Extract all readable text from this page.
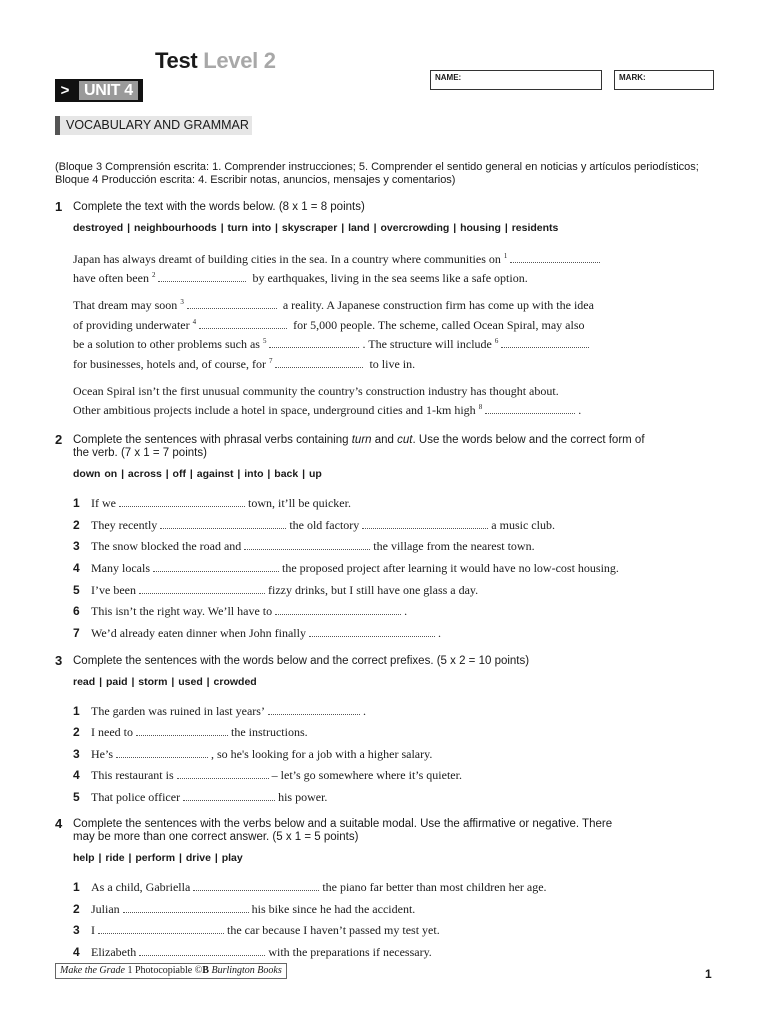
Test Level 2
> UNIT 4
NAME:	MARK:
VOCABULARY AND GRAMMAR
(Bloque 3 Comprensión escrita: 1. Comprender instrucciones; 5. Comprender el sentido general en noticias y artículos periodísticos; Bloque 4 Producción escrita: 4. Escribir notas, anuncios, mensajes y comentarios)
1 Complete the text with the words below. (8 x 1 = 8 points)
destroyed | neighbourhoods | turn into | skyscraper | land | overcrowding | housing | residents
Japan has always dreamt of building cities in the sea. In a country where communities on $^1$
have often been $^2$	by earthquakes, living in the sea seems like a safe option.
That dream may soon $^3$	a reality. A Japanese construction firm has come up with the idea
of providing underwater $^4$	for 5,000 people. The scheme, called Ocean Spiral, may also
be a solution to other problems such as $^5$	. The structure will include $^6$
for businesses, hotels and, of course, for $^7$	to live in.
Ocean Spiral isn’t the first unusual community the country’s construction industry has thought about.
Other ambitious projects include a hotel in space, underground cities and 1-km high $^8$	.
2 Complete the sentences with phrasal verbs containing turn and cut. Use the words below and the correct form of the verb. (7 x 1 = 7 points)
down on | across | off | against | into | back | up
1 If we	town, it’ll be quicker.
2 They recently	the old factory	a music club.
3 The snow blocked the road and	the village from the nearest town.
4 Many locals	the proposed project after learning it would have no low-cost housing.
5 I’ve been	fizzy drinks, but I still have one glass a day.
6 This isn’t the right way. We’ll have to	.
7 We’d already eaten dinner when John finally	.
3 Complete the sentences with the words below and the correct prefixes. (5 x 2 = 10 points)
read | paid | storm | used | crowded
1 The garden was ruined in last years’	.
2 I need to	the instructions.
3 He’s	, so he's looking for a job with a higher salary.
4 This restaurant is	– let’s go somewhere where it’s quieter.
5 That police officer	his power.
4 Complete the sentences with the verbs below and a suitable modal. Use the affirmative or negative. There may be more than one correct answer. (5 x 1 = 5 points)
help | ride | perform | drive | play
1 As a child, Gabriella	the piano far better than most children her age.
2 Julian	his bike since he had the accident.
3 I	the car because I haven’t passed my test yet.
4 Elizabeth	with the preparations if necessary.
Make the Grade 1 Photocopiable ©B Burlington Books	1
